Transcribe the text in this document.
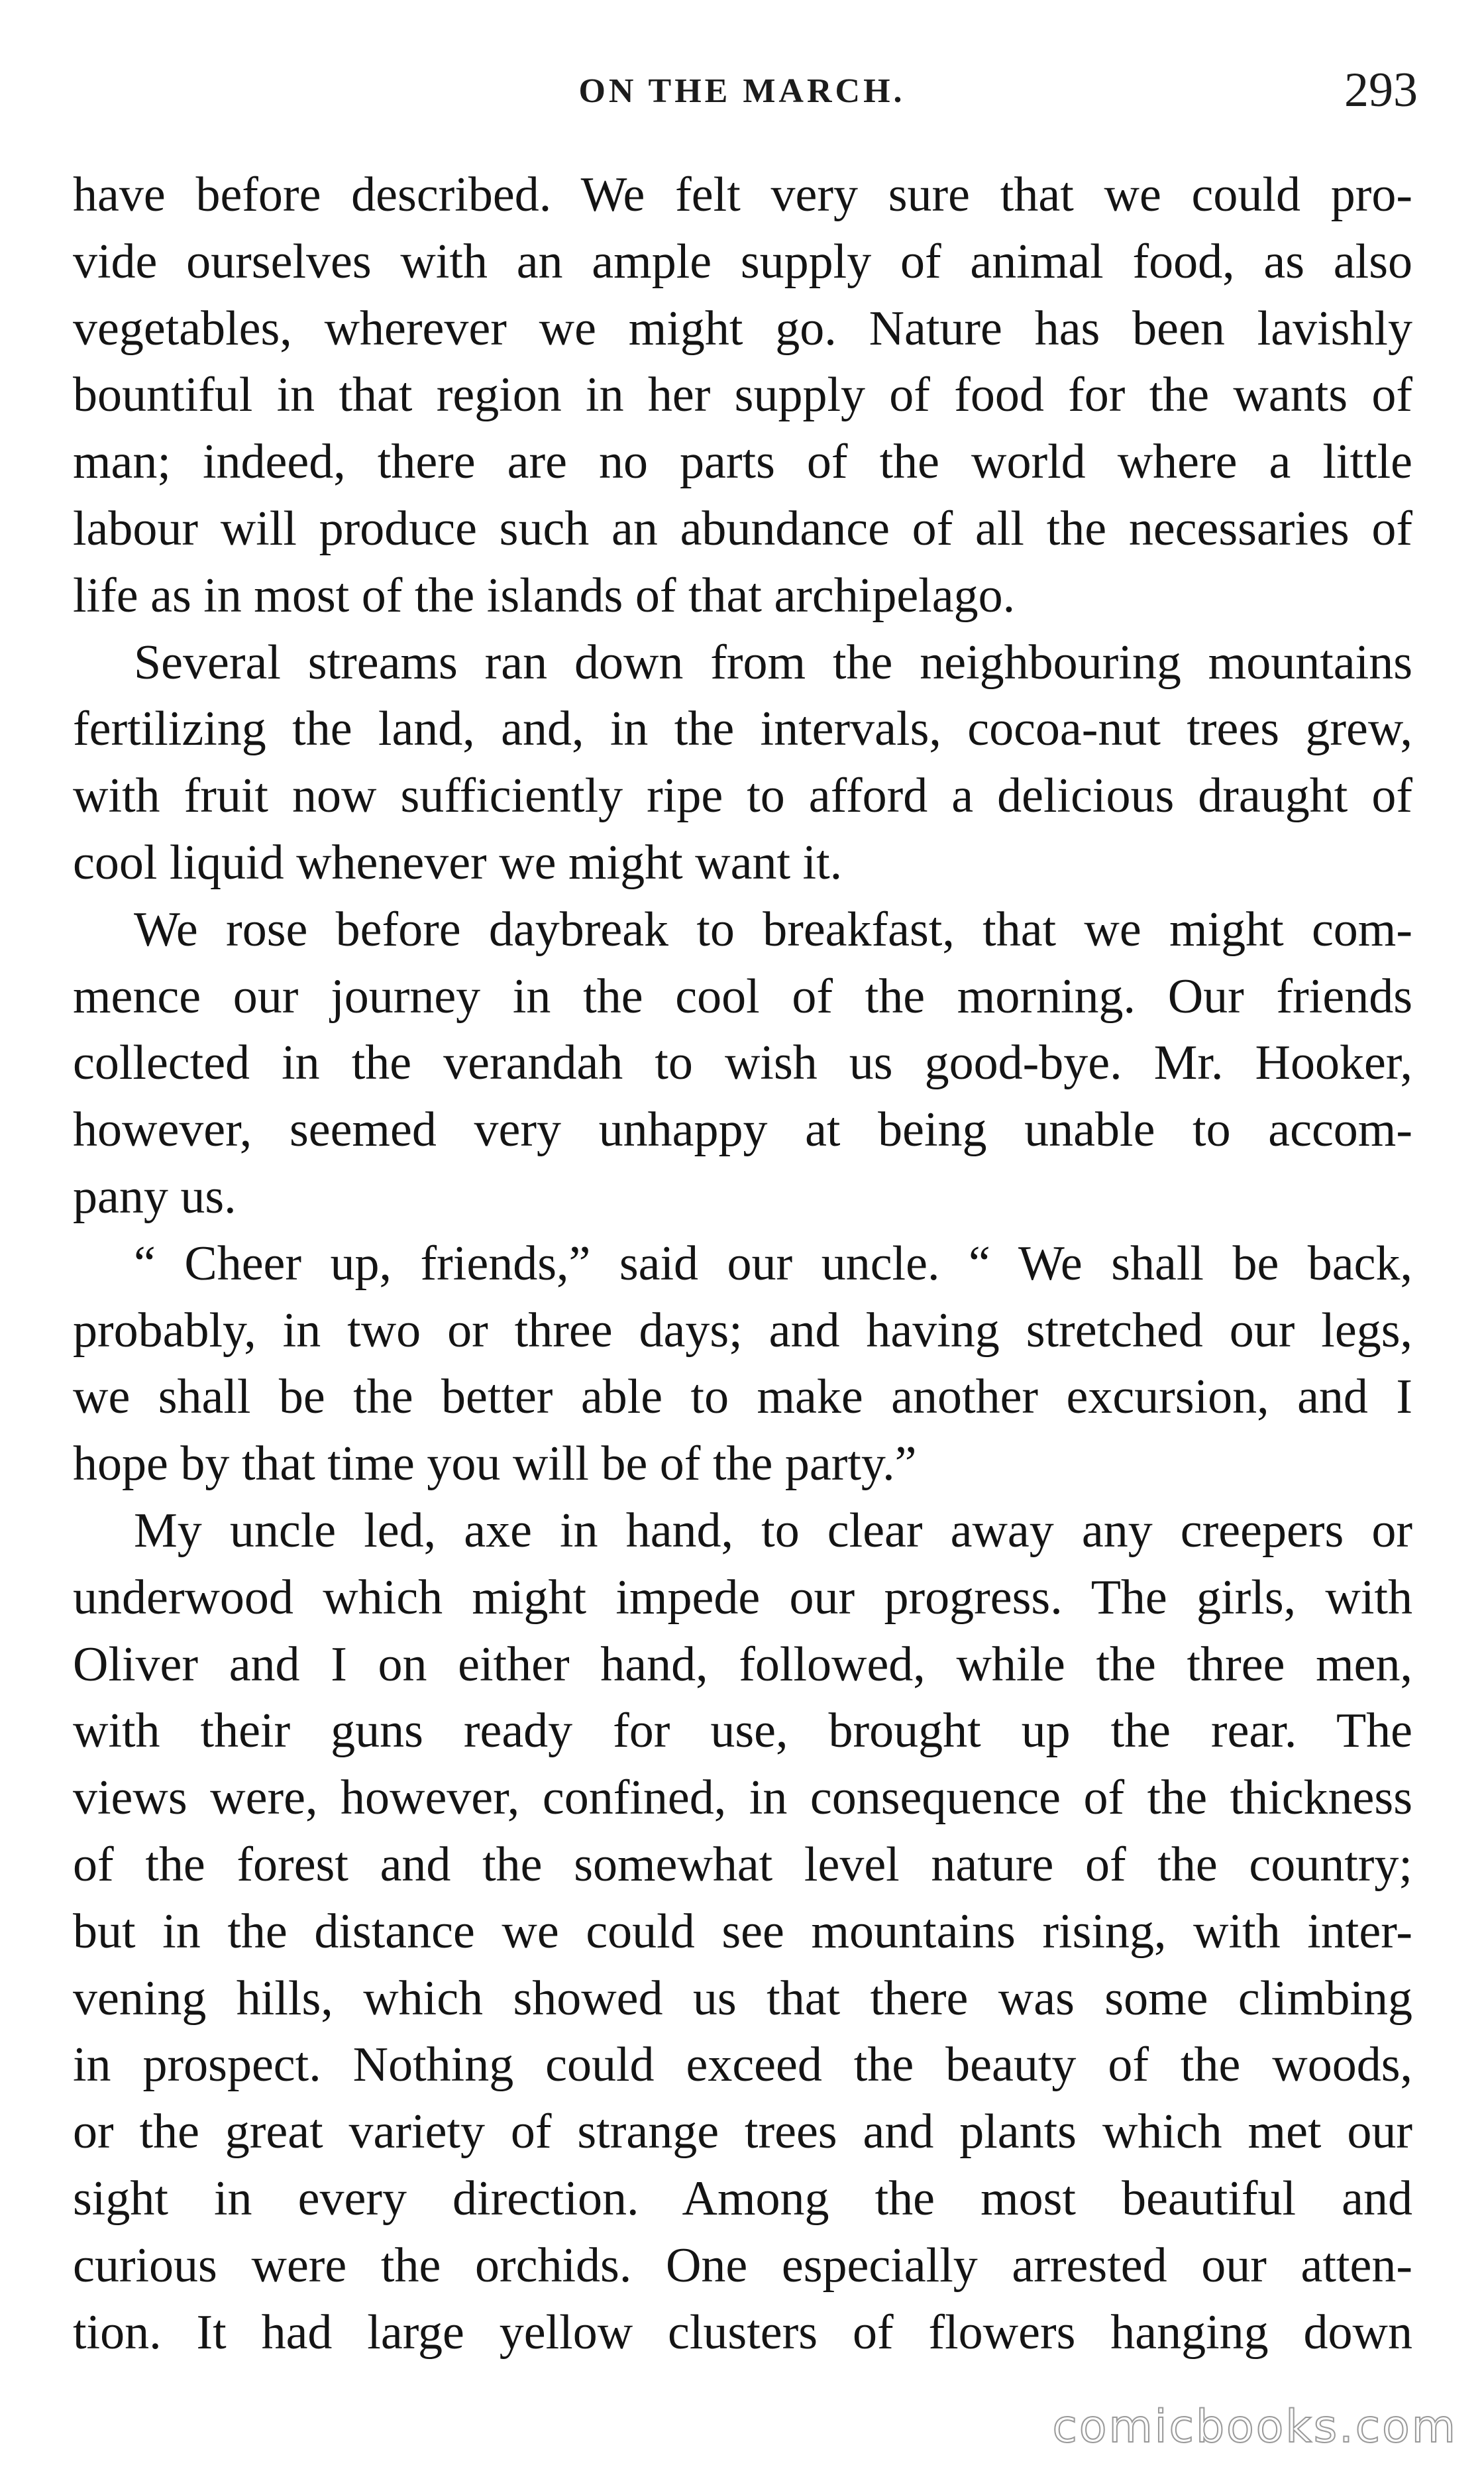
ON THE MARCH.	293
have before described. We felt very sure that we could pro-
vide ourselves with an ample supply of animal food, as also
vegetables, wherever we might go. Nature has been lavishly
bountiful in that region in her supply of food for the wants of
man; indeed, there are no parts of the world where a little
labour will produce such an abundance of all the necessaries of
life as in most of the islands of that archipelago.
Several streams ran down from the neighbouring mountains
fertilizing the land, and, in the intervals, cocoa-nut trees grew,
with fruit now sufficiently ripe to afford a delicious draught of
cool liquid whenever we might want it.
We rose before daybreak to breakfast, that we might com-
mence our journey in the cool of the morning. Our friends
collected in the verandah to wish us good-bye. Mr. Hooker,
however, seemed very unhappy at being unable to accom-
pany us.
“ Cheer up, friends,” said our uncle. “ We shall be back,
probably, in two or three days; and having stretched our legs,
we shall be the better able to make another excursion, and I
hope by that time you will be of the party.”
My uncle led, axe in hand, to clear away any creepers or
underwood which might impede our progress. The girls, with
Oliver and I on either hand, followed, while the three men,
with their guns ready for use, brought up the rear. The
views were, however, confined, in consequence of the thickness
of the forest and the somewhat level nature of the country;
but in the distance we could see mountains rising, with inter-
vening hills, which showed us that there was some climbing
in prospect. Nothing could exceed the beauty of the woods,
or the great variety of strange trees and plants which met our
sight in every direction. Among the most beautiful and
curious were the orchids. One especially arrested our atten-
tion. It had large yellow clusters of flowers hanging down
comicbooks.com
